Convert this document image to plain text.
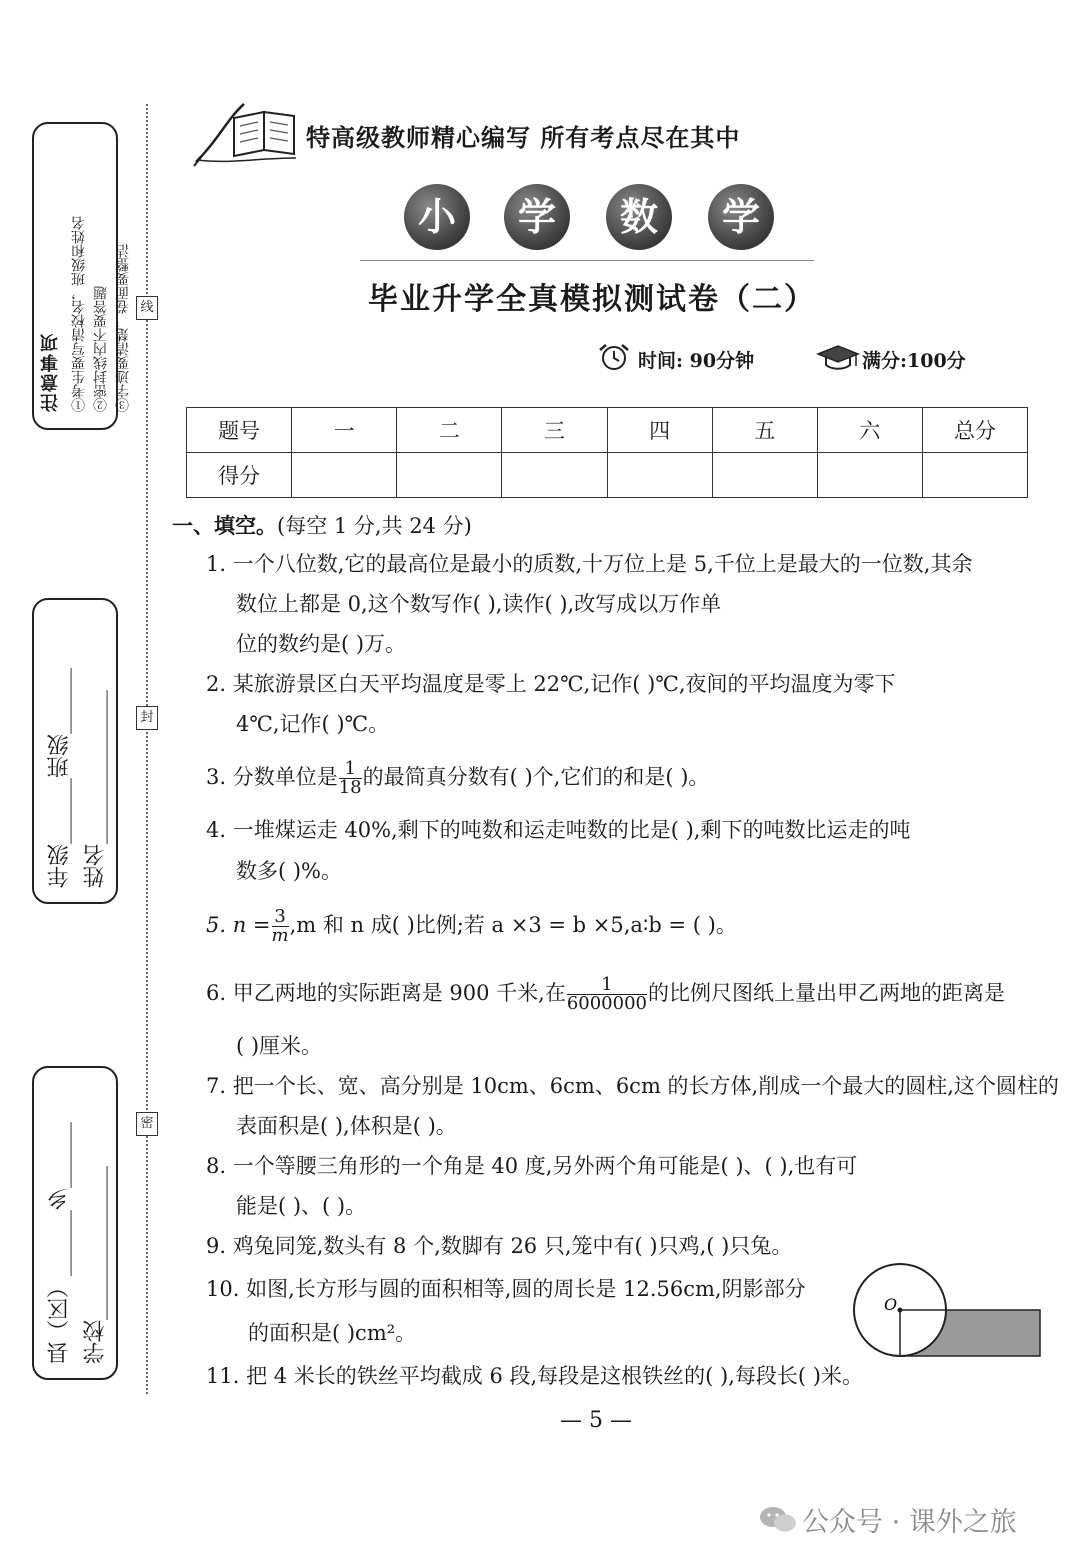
注意事项 ①考生要写清校名，班级和姓名 ②密封线内不要答题 ③字迹要清楚，卷面要整洁
年级______班级______ 姓名______________
县（区）______乡______ 学校______________
线
封
密
特高级教师精心编写 所有考点尽在其中
小	学	数	学
毕业升学全真模拟测试卷（二）
时间: 90分钟	满分:100分
题号	一	二	三	四	五	六	总分
得分							
一、填空。(每空 1 分,共 24 分)
1. 一个八位数,它的最高位是最小的质数,十万位上是 5,千位上是最大的一位数,其余
数位上都是 0,这个数写作( ),读作( ),改写成以万作单
位的数约是( )万。
2. 某旅游景区白天平均温度是零上 22℃,记作( )℃,夜间的平均温度为零下
4℃,记作( )℃。
3. 分数单位是 $\frac{1}{18}$ 的最简真分数有( )个,它们的和是( )。
4. 一堆煤运走 40%,剩下的吨数和运走吨数的比是( ),剩下的吨数比运走的吨
数多( )%。
5. $n = \frac{3}{m},m$ 和 n 成( )比例;若 a ×3 = b ×5,a∶b = ( )。
6. 甲乙两地的实际距离是 900 千米,在 $\frac{1}{6000000}$ 的比例尺图纸上量出甲乙两地的距离是
( )厘米。
7. 把一个长、宽、高分别是 10cm、6cm、6cm 的长方体,削成一个最大的圆柱,这个圆柱的
表面积是( ),体积是( )。
8. 一个等腰三角形的一个角是 40 度,另外两个角可能是( )、( ),也有可
能是( )、( )。
9. 鸡兔同笼,数头有 8 个,数脚有 26 只,笼中有( )只鸡,( )只兔。
10. 如图,长方形与圆的面积相等,圆的周长是 12.56cm,阴影部分
的面积是( )cm²。
O
11. 把 4 米长的铁丝平均截成 6 段,每段是这根铁丝的( ),每段长( )米。
— 5 —
公众号 · 课外之旅
